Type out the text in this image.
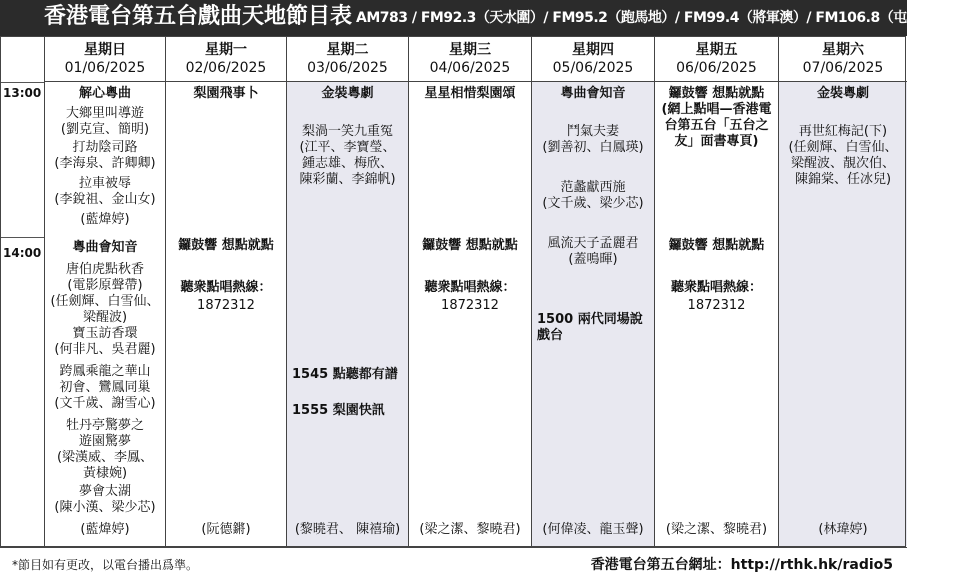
香港電台第五台戲曲天地節目表 AM783 / FM92.3（天水圍）/ FM95.2（跑馬地）/ FM99.4（將軍澳）/ FM106.8（屯門、元朗）
13:00
14:00
星期日
01/06/2025
解心粵曲
大鄉里叫導遊
(劉克宣、簡明)
打劫陰司路
(李海泉、許卿卿)
拉車被辱
(李銳祖、金山女)
(藍煒婷)
粵曲會知音
唐伯虎點秋香
(電影原聲帶)
(任劍輝、白雪仙、
梁醒波)
寶玉訪香環
(何非凡、吳君麗)
跨鳳乘龍之華山
初會、鸞鳳同巢
(文千歲、謝雪心)
牡丹亭驚夢之
遊園驚夢
(梁漢威、李鳳、
黃棣婉)
夢會太湖
(陳小漢、梁少芯)
(藍煒婷)
星期一
02/06/2025
梨園飛事卜
鑼鼓響 想點就點
聽衆點唱熱線：
1872312
(阮德鏘)
星期二
03/06/2025
金裝粵劇
梨渦一笑九重冤
(江平、李寶瑩、
鍾志雄、梅欣、
陳彩蘭、李錦帆)
1545 點聽都有譜
1555 梨園快訊
(黎曉君、 陳禧瑜)
星期三
04/06/2025
星星相惜梨園頌
鑼鼓響 想點就點
聽衆點唱熱線：
1872312
(梁之潔、黎曉君)
星期四
05/06/2025
粵曲會知音
鬥氣夫妻
(劉善初、白鳳瑛)
范蠡獻西施
(文千歲、梁少芯)
風流天子孟麗君
(蓋鳴暉)
1500 兩代同場說
戲台
(何偉凌、龍玉聲)
星期五
06/06/2025
鑼鼓響 想點就點
(網上點唱—香港電
台第五台「五台之
友」面書專頁)
鑼鼓響 想點就點
聽衆點唱熱線：
1872312
(梁之潔、黎曉君)
星期六
07/06/2025
金裝粵劇
再世紅梅記(下)
(任劍輝、白雪仙、
梁醒波、靚次伯、
陳錦棠、任冰兒)
(林瑋婷)
*節目如有更改，以電台播出爲準。	香港電台第五台網址：http://rthk.hk/radio5
